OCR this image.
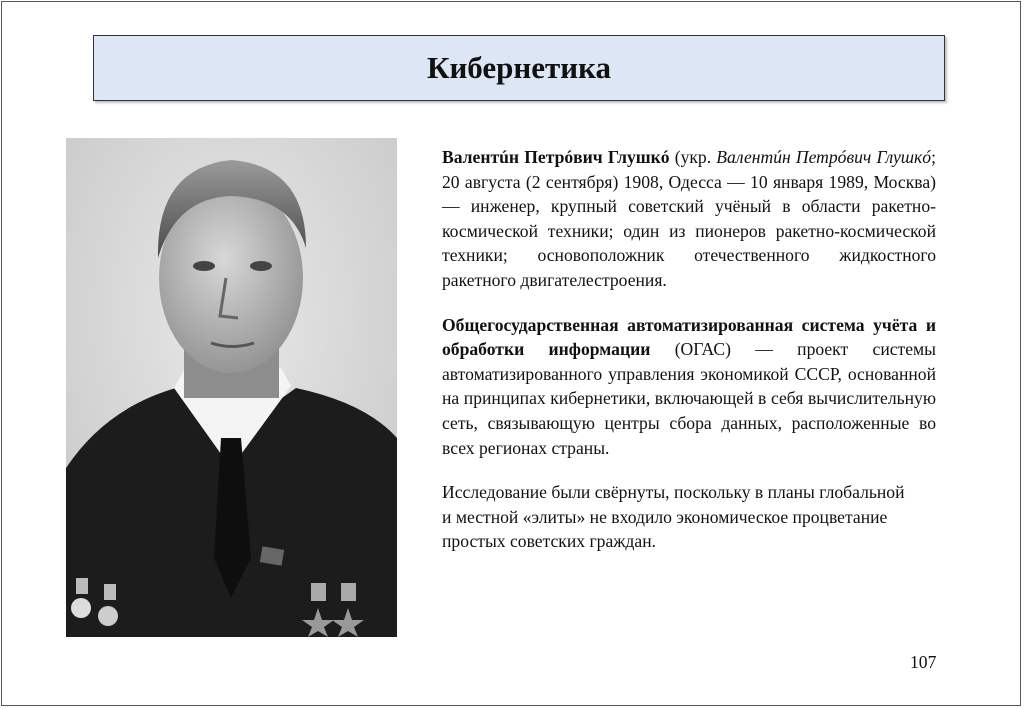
Кибернетика

Валентúн Петрóвич Глушкó (укр. Валентúн Петрóвич Глушкó; 20 августа (2 сентября) 1908, Одесса — 10 января 1989, Москва) — инженер, крупный советский учёный в области ракетно-космической техники; один из пионеров ракетно-космической техники; основоположник отечественного жидкостного ракетного двигателестроения.

Общегосударственная автоматизированная система учёта и обработки информации (ОГАС) — проект системы автоматизированного управления экономикой СССР, основанной на принципах кибернетики, включающей в себя вычислительную сеть, связывающую центры сбора данных, расположенные во всех регионах страны.

Исследование были свёрнуты, поскольку в планы глобальной и местной «элиты» не входило экономическое процветание простых советских граждан.

107
